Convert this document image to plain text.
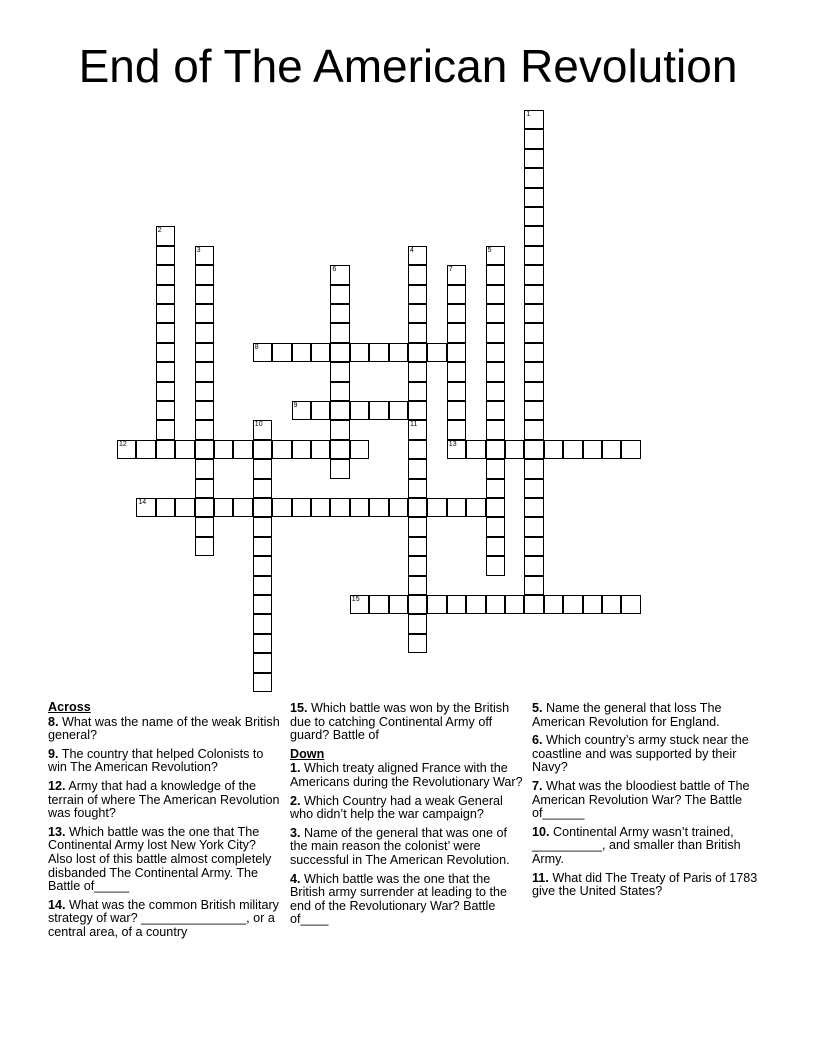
End of The American Revolution
1
2
3	4	5
6	7
13
8
9
10	11
12
14
15
Across
8. What was the name of the weak British general?
9. The country that helped Colonists to win The American Revolution?
12. Army that had a knowledge of the terrain of where The American Revolution was fought?
13. Which battle was the one that The Continental Army lost New York City? Also lost of this battle almost completely disbanded The Continental Army. The Battle of_____
14. What was the common British military strategy of war? _______________, or a central area, of a country
15. Which battle was won by the British due to catching Continental Army off guard? Battle of
Down
1. Which treaty aligned France with the Americans during the Revolutionary War?
2. Which Country had a weak General who didn’t help the war campaign?
3. Name of the general that was one of the main reason the colonist’ were successful in The American Revolution.
4. Which battle was the one that the British army surrender at leading to the end of the Revolutionary War? Battle of____
5. Name the general that loss The American Revolution for England.
6. Which country’s army stuck near the coastline and was supported by their Navy?
7. What was the bloodiest battle of The American Revolution War? The Battle of______
10. Continental Army wasn’t trained, __________, and smaller than British Army.
11. What did The Treaty of Paris of 1783 give the United States?
